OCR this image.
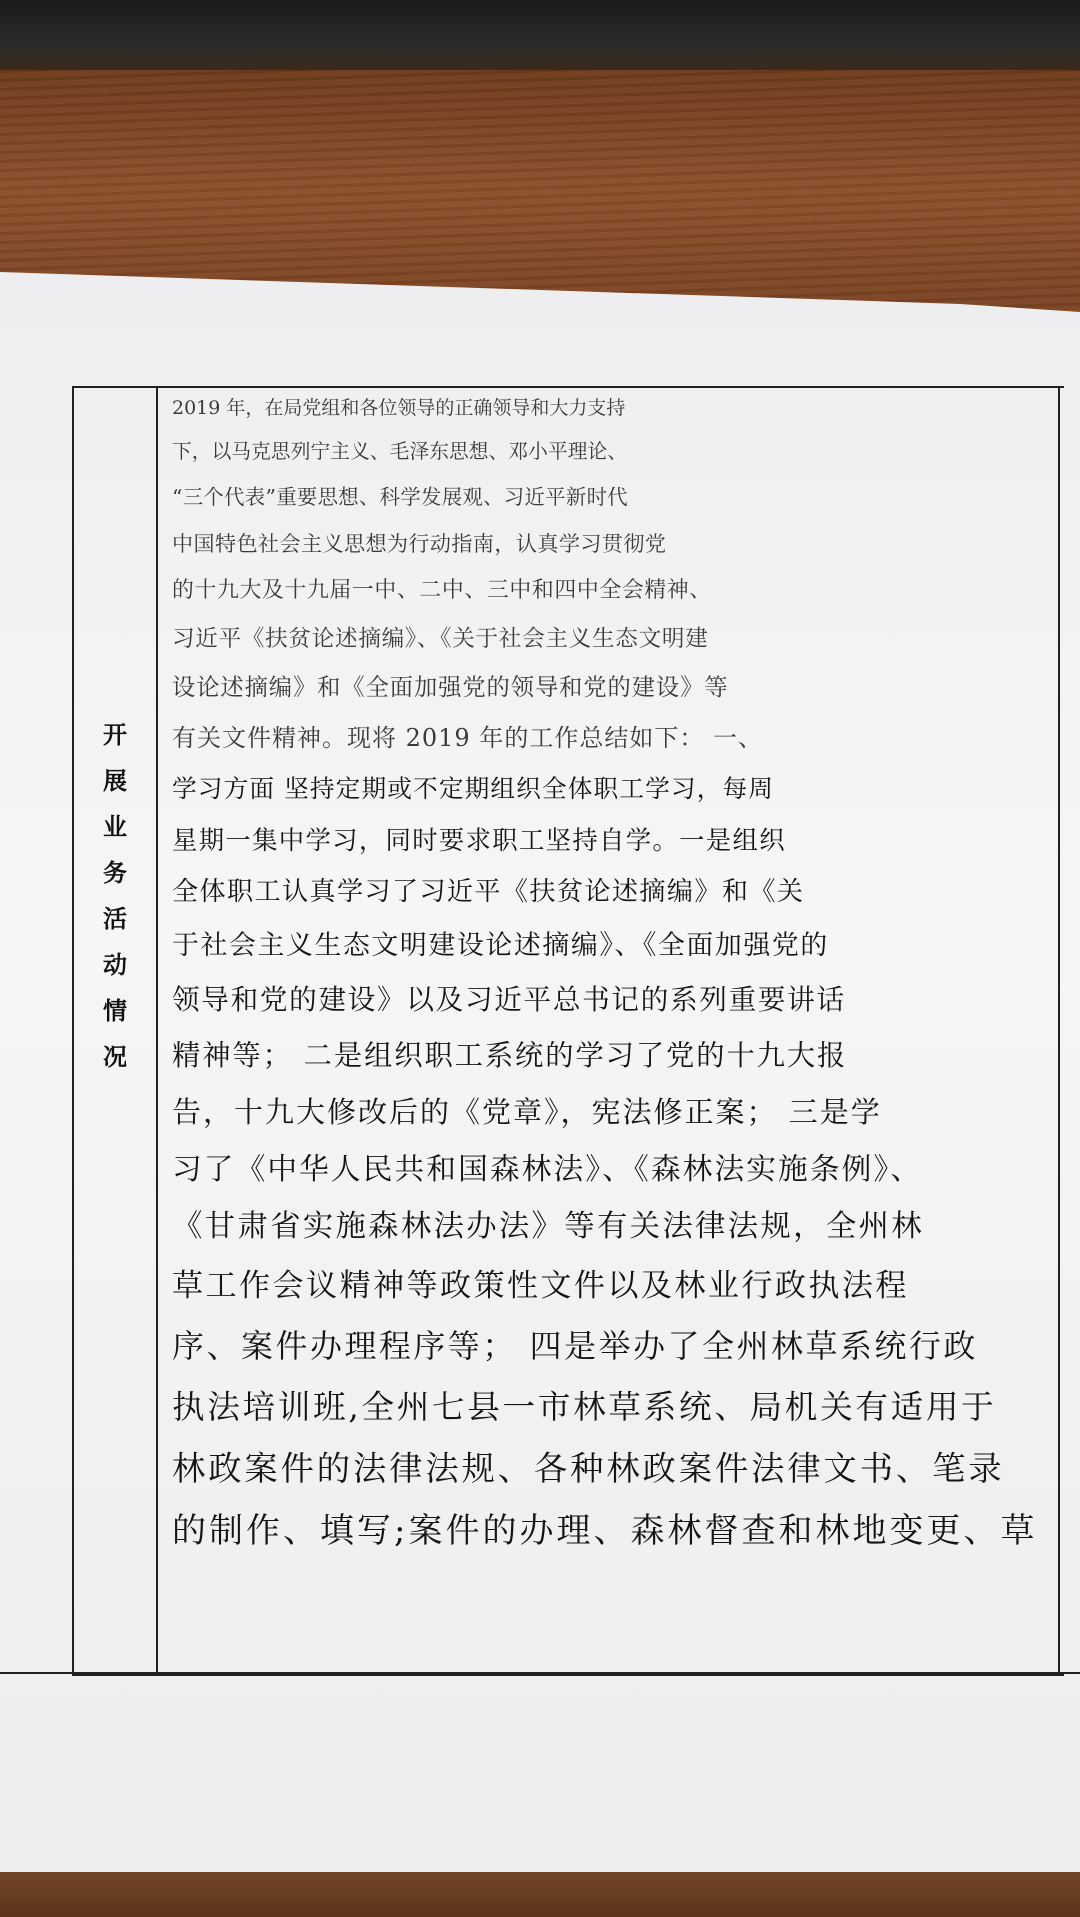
开
展
业
务
活
动
情
况
2019 年，在局党组和各位领导的正确领导和大力支持
下，以马克思列宁主义、毛泽东思想、邓小平理论、
“三个代表”重要思想、科学发展观、习近平新时代
中国特色社会主义思想为行动指南，认真学习贯彻党
的十九大及十九届一中、二中、三中和四中全会精神、
习近平《扶贫论述摘编》、《关于社会主义生态文明建
设论述摘编》和《全面加强党的领导和党的建设》等
有关文件精神。现将 2019 年的工作总结如下： 一、
学习方面 坚持定期或不定期组织全体职工学习，每周
星期一集中学习，同时要求职工坚持自学。一是组织
全体职工认真学习了习近平《扶贫论述摘编》和《关
于社会主义生态文明建设论述摘编》、《全面加强党的
领导和党的建设》以及习近平总书记的系列重要讲话
精神等； 二是组织职工系统的学习了党的十九大报
告，十九大修改后的《党章》，宪法修正案； 三是学
习了《中华人民共和国森林法》、《森林法实施条例》、
《甘肃省实施森林法办法》等有关法律法规，全州林
草工作会议精神等政策性文件以及林业行政执法程
序、案件办理程序等； 四是举办了全州林草系统行政
执法培训班,全州七县一市林草系统、局机关有适用于
林政案件的法律法规、各种林政案件法律文书、笔录
的制作、填写;案件的办理、森林督查和林地变更、草
